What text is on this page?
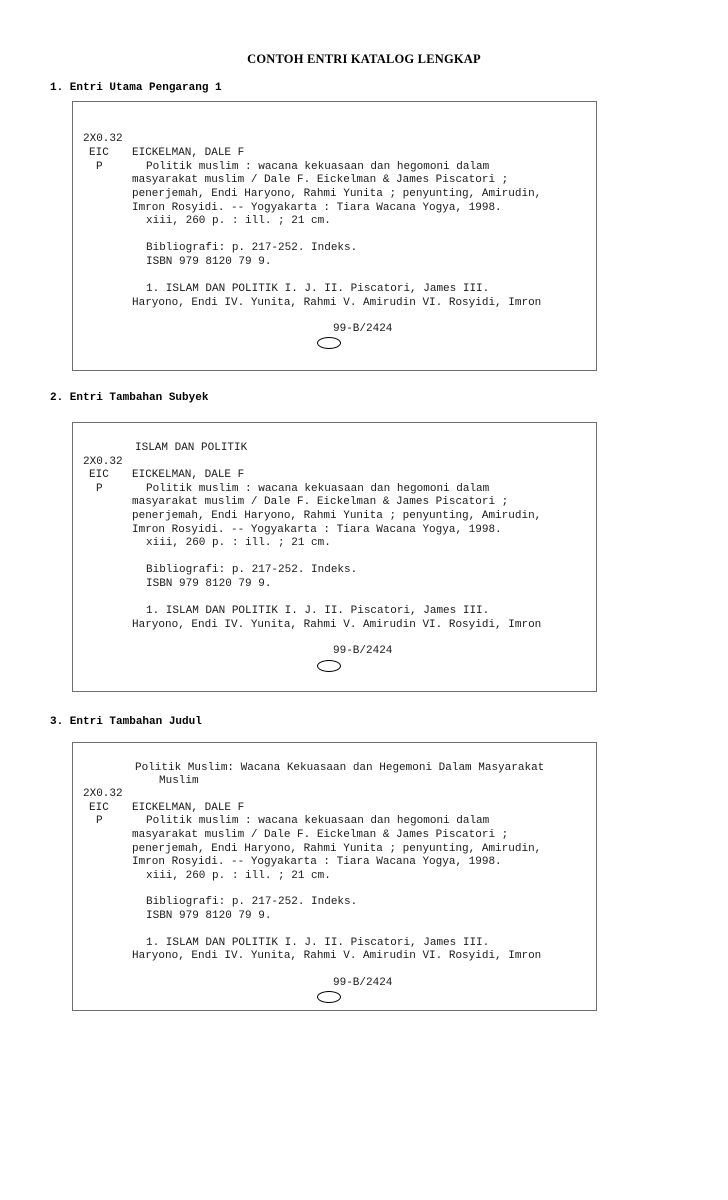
CONTOH ENTRI KATALOG LENGKAP
1. Entri Utama Pengarang 1
2X0.32
EIC
P
EICKELMAN, DALE F
Politik muslim : wacana kekuasaan dan hegomoni dalam
masyarakat muslim / Dale F. Eickelman & James Piscatori ;
penerjemah, Endi Haryono, Rahmi Yunita ; penyunting, Amirudin,
Imron Rosyidi. -- Yogyakarta : Tiara Wacana Yogya, 1998.
xiii, 260 p. : ill. ; 21 cm.
Bibliografi: p. 217-252. Indeks.
ISBN 979 8120 79 9.
1. ISLAM DAN POLITIK I. J. II. Piscatori, James III.
Haryono, Endi IV. Yunita, Rahmi V. Amirudin VI. Rosyidi, Imron
99-B/2424
2. Entri Tambahan Subyek
ISLAM DAN POLITIK
2X0.32
EIC
P
EICKELMAN, DALE F
Politik muslim : wacana kekuasaan dan hegomoni dalam
masyarakat muslim / Dale F. Eickelman & James Piscatori ;
penerjemah, Endi Haryono, Rahmi Yunita ; penyunting, Amirudin,
Imron Rosyidi. -- Yogyakarta : Tiara Wacana Yogya, 1998.
xiii, 260 p. : ill. ; 21 cm.
Bibliografi: p. 217-252. Indeks.
ISBN 979 8120 79 9.
1. ISLAM DAN POLITIK I. J. II. Piscatori, James III.
Haryono, Endi IV. Yunita, Rahmi V. Amirudin VI. Rosyidi, Imron
99-B/2424
3. Entri Tambahan Judul
Politik Muslim: Wacana Kekuasaan dan Hegemoni Dalam Masyarakat
Muslim
2X0.32
EIC
P
EICKELMAN, DALE F
Politik muslim : wacana kekuasaan dan hegomoni dalam
masyarakat muslim / Dale F. Eickelman & James Piscatori ;
penerjemah, Endi Haryono, Rahmi Yunita ; penyunting, Amirudin,
Imron Rosyidi. -- Yogyakarta : Tiara Wacana Yogya, 1998.
xiii, 260 p. : ill. ; 21 cm.
Bibliografi: p. 217-252. Indeks.
ISBN 979 8120 79 9.
1. ISLAM DAN POLITIK I. J. II. Piscatori, James III.
Haryono, Endi IV. Yunita, Rahmi V. Amirudin VI. Rosyidi, Imron
99-B/2424
